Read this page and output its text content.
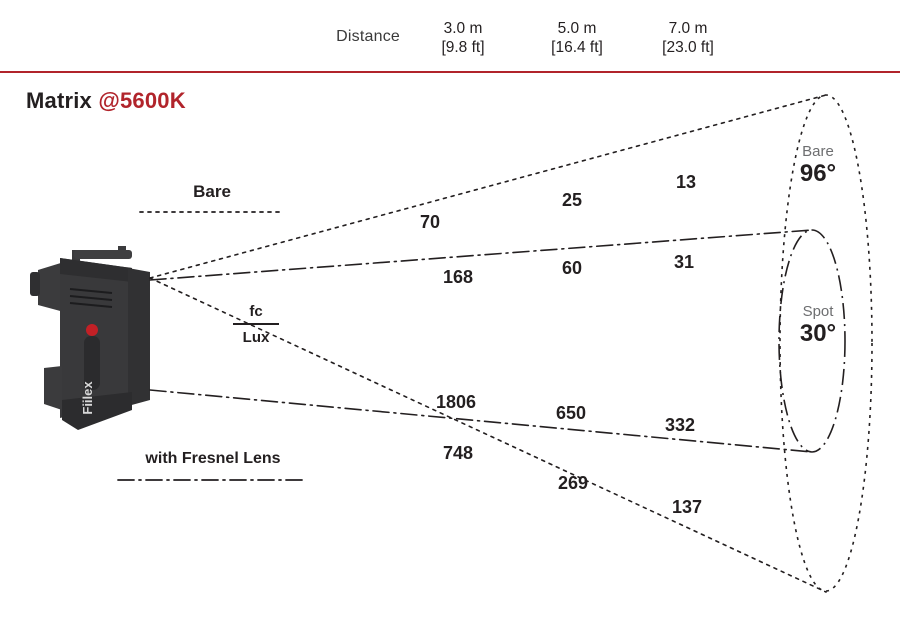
Distance	3.0 m
[9.8 ft]
5.0 m
[16.4 ft]
7.0 m
[23.0 ft]
Matrix @5600K
Fiilex
Bare
with Fresnel Lens
fc
Lux
70
25
13
168	60	31
1806
650
332
748
269
137
Bare
96°
Spot
30°
